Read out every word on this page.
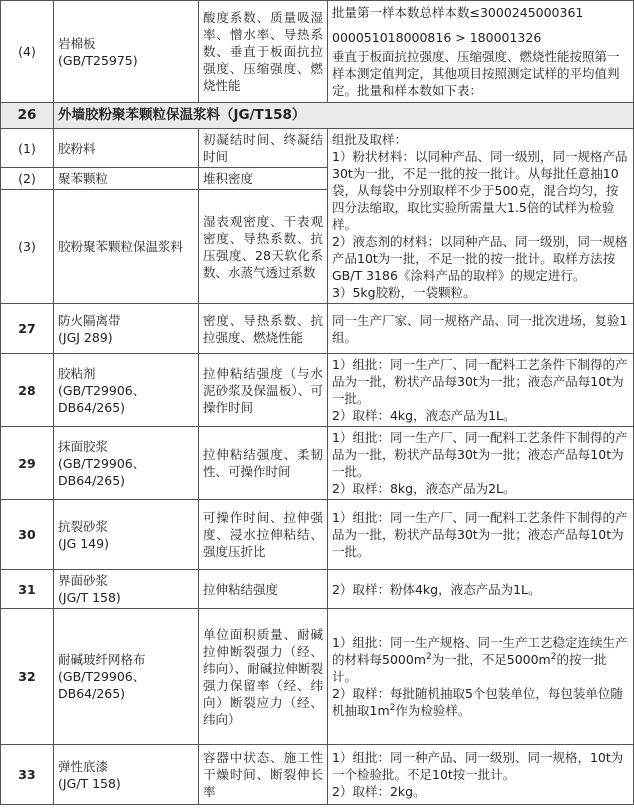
(4)	岩棉板
(GB/T25975)	酸度系数、质量吸湿率、憎水率、导热系数、垂直于板面抗拉强度、压缩强度、燃烧性能	批量第一样本数总样本数≤3000245000361
000051018000816 > 180001326
垂直于板面抗拉强度、压缩强度、燃烧性能按照第一样本测定值判定，其他项目按照测定试样的平均值判定。批量和样本数如下表：

26	外墙胶粉聚苯颗粒保温浆料（JG/T158）		
(1)	胶粉料	初凝结时间、终凝结时间	组批及取样：
1）粉状材料：以同种产品、同一级别，同一规格产品30t为一批，不足一批的按一批计。从每批任意抽10袋，从每袋中分别取样不少于500克，混合均匀，按四分法缩取，取比实验所需量大1.5倍的试样为检验样。
2）液态剂的材料：以同种产品、同一级别，同一规格产品10t为一批，不足一批的按一批计。取样方法按GB/T 3186《涂料产品的取样》的规定进行。
3）5kg胶粉，一袋颗粒。

(2)	聚苯颗粒	堆积密度	
(3)	胶粉聚苯颗粒保温浆料	湿表观密度、干表观密度、导热系数、抗压强度、28天软化系数、水蒸气透过系数	
27	防火隔离带
(JGJ 289)	密度、导热系数、抗拉强度、燃烧性能	同一生产厂家、同一规格产品、同一批次进场，复验1组。
28	胶粘剂
(GB/T29906、DB64/265)	拉伸粘结强度（与水泥砂浆及保温板）、可操作时间	1）组批：同一生产厂、同一配料工艺条件下制得的产品为一批，粉状产品每30t为一批；液态产品每10t为一批。
2）取样：4kg，液态产品为1L。

29	抹面胶浆
(GB/T29906、DB64/265)	拉伸粘结强度、柔韧性、可操作时间	1）组批：同一生产厂、同一配料工艺条件下制得的产品为一批，粉状产品每30t为一批；液态产品每10t为一批。
2）取样：8kg，液态产品为2L。

30	抗裂砂浆
(JG 149)	可操作时间、拉伸强度、浸水拉伸粘结、强度压折比	1）组批：同一生产厂、同一配料工艺条件下制得的产品为一批，粉状产品每30t为一批；液态产品每10t为一批。
31	界面砂浆
(JG/T 158)	拉伸粘结强度	2）取样：粉体4kg，液态产品为1L。
32	耐碱玻纤网格布
(GB/T29906、DB64/265)	单位面积质量、耐碱拉伸断裂强力（经、纬向）、耐碱拉伸断裂强力保留率（经、纬向）断裂应力（经、纬向）	1）组批：同一生产规格、同一生产工艺稳定连续生产的材料每$5000m^2$为一批，不足$5000m^2$的按一批计。
2）取样：每批随机抽取5个包装单位，每包装单位随机抽取$1m^2$作为检验样。

33	弹性底漆
(JG/T 158)	容器中状态、施工性干燥时间、断裂伸长率	1）组批：同一种产品、同一级别、同一规格，10t为一个检验批。不足10t按一批计。
2）取样：2kg。
